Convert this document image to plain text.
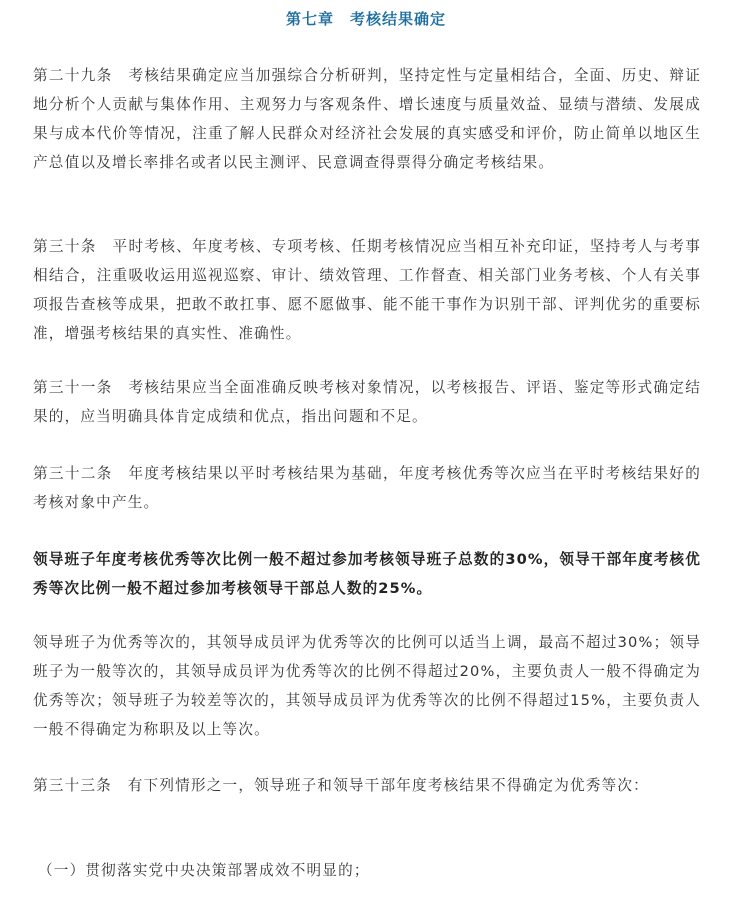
第七章　考核结果确定

第二十九条　考核结果确定应当加强综合分析研判，坚持定性与定量相结合，全面、历史、辩证地分析个人贡献与集体作用、主观努力与客观条件、增长速度与质量效益、显绩与潜绩、发展成果与成本代价等情况，注重了解人民群众对经济社会发展的真实感受和评价，防止简单以地区生产总值以及增长率排名或者以民主测评、民意调查得票得分确定考核结果。

第三十条　平时考核、年度考核、专项考核、任期考核情况应当相互补充印证，坚持考人与考事相结合，注重吸收运用巡视巡察、审计、绩效管理、工作督查、相关部门业务考核、个人有关事项报告查核等成果，把敢不敢扛事、愿不愿做事、能不能干事作为识别干部、评判优劣的重要标准，增强考核结果的真实性、准确性。

第三十一条　考核结果应当全面准确反映考核对象情况，以考核报告、评语、鉴定等形式确定结果的，应当明确具体肯定成绩和优点，指出问题和不足。

第三十二条　年度考核结果以平时考核结果为基础，年度考核优秀等次应当在平时考核结果好的考核对象中产生。

领导班子年度考核优秀等次比例一般不超过参加考核领导班子总数的30%，领导干部年度考核优秀等次比例一般不超过参加考核领导干部总人数的25%。

领导班子为优秀等次的，其领导成员评为优秀等次的比例可以适当上调，最高不超过30%；领导班子为一般等次的，其领导成员评为优秀等次的比例不得超过20%，主要负责人一般不得确定为优秀等次；领导班子为较差等次的，其领导成员评为优秀等次的比例不得超过15%，主要负责人一般不得确定为称职及以上等次。

第三十三条　有下列情形之一，领导班子和领导干部年度考核结果不得确定为优秀等次：

（一）贯彻落实党中央决策部署成效不明显的；
